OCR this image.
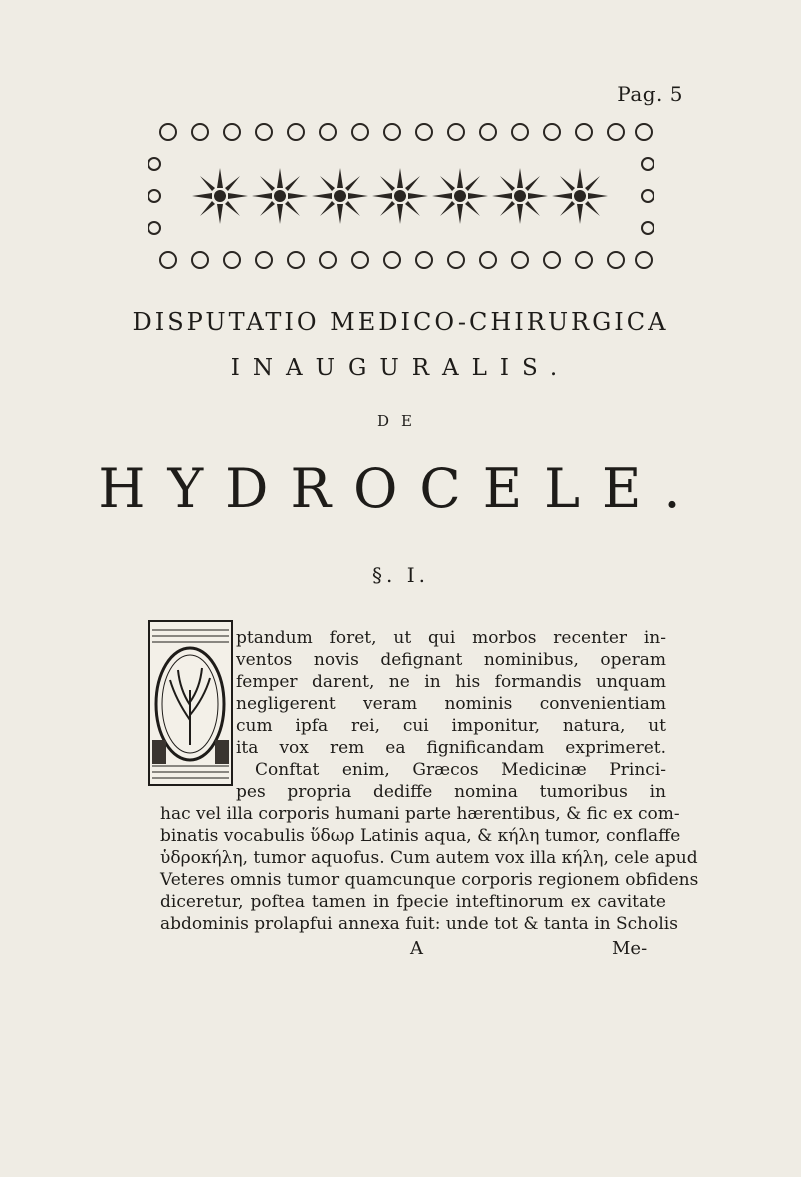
Pag. 5
DISPUTATIO MEDICO-CHIRURGICA
INAUGURALIS.
DE
HYDROCELE.
§. I.
ptandum foret, ut qui morbos recenter in-
ventos novis defignant nominibus, operam
femper darent, ne in his formandis unquam
negligerent veram nominis convenientiam
cum ipfa rei, cui imponitur, natura, ut
ita vox rem ea fignificandam exprimeret.
Conftat enim, Græcos Medicinæ Princi-
pes propria dediffe nomina tumoribus in
hac vel illa corporis humani parte hærentibus, & fic ex com-
binatis vocabulis ὕδωρ Latinis aqua, & κήλη tumor, conflaffe
ὑδροκήλη, tumor aquofus. Cum autem vox illa κήλη, cele apud
Veteres omnis tumor quamcunque corporis regionem obfidens
diceretur, poftea tamen in fpecie inteftinorum ex cavitate
abdominis prolapfui annexa fuit: unde tot & tanta in Scholis
A	Me-
